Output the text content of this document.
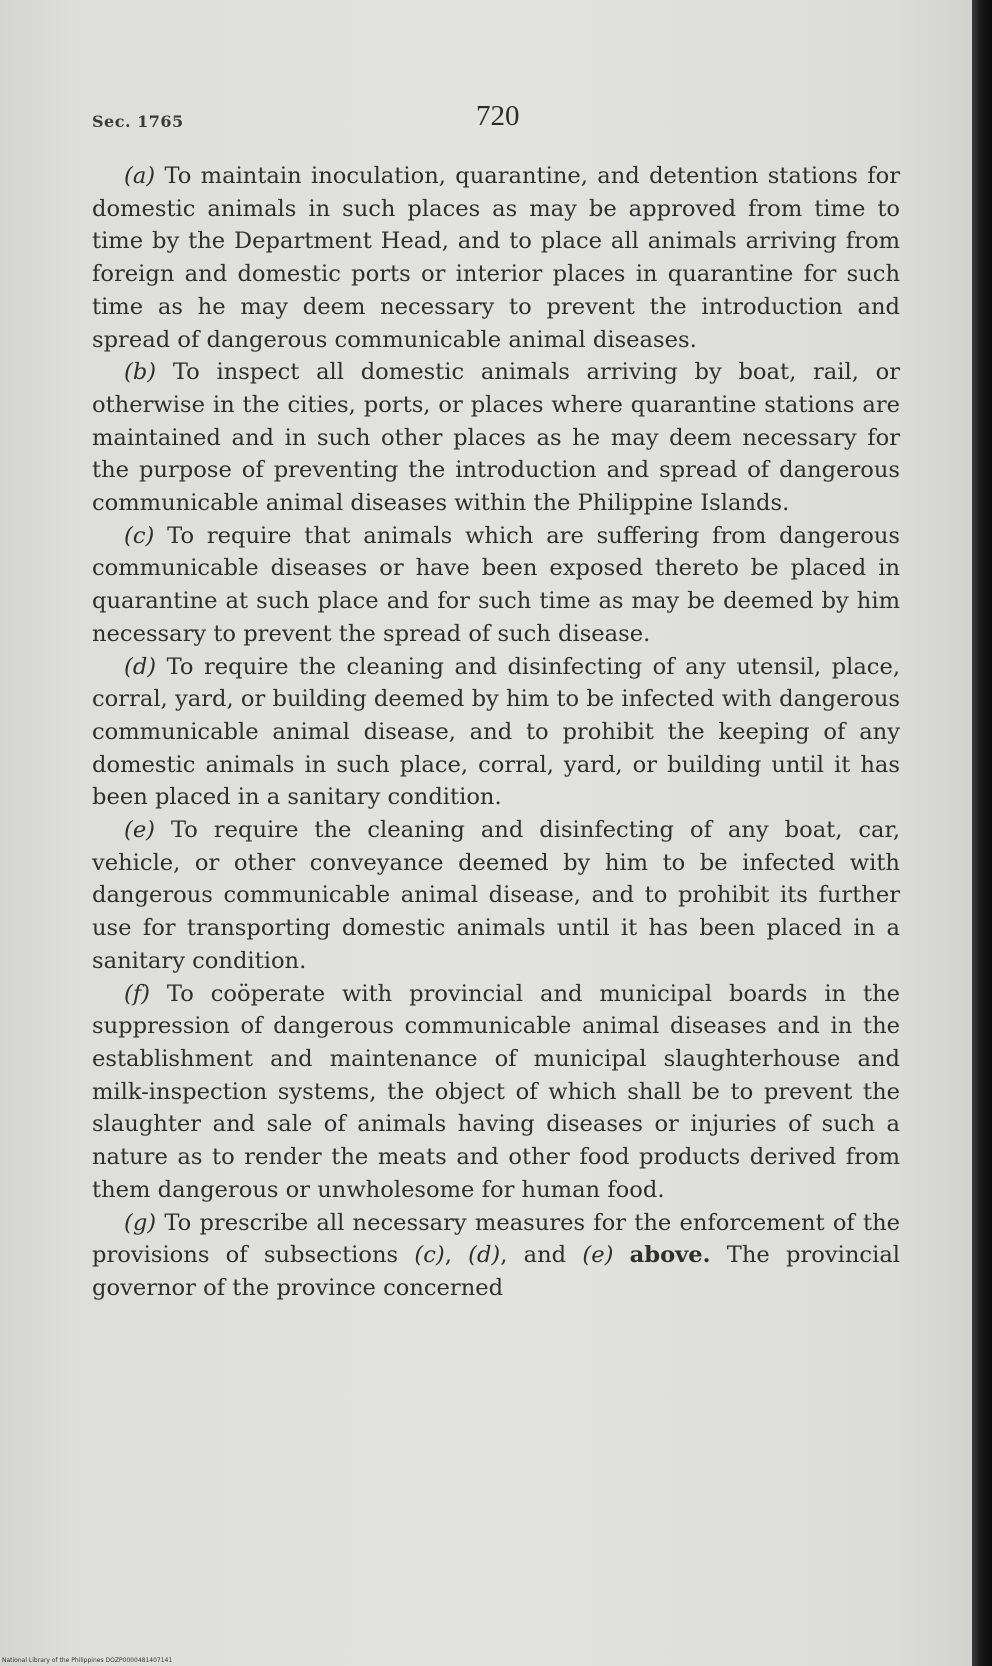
Sec. 1765	720

(a) To maintain inoculation, quarantine, and detention stations for domestic animals in such places as may be approved from time to time by the Department Head, and to place all animals arriving from foreign and domestic ports or interior places in quarantine for such time as he may deem necessary to prevent the introduction and spread of dangerous communicable animal diseases.

(b) To inspect all domestic animals arriving by boat, rail, or otherwise in the cities, ports, or places where quarantine stations are maintained and in such other places as he may deem necessary for the purpose of preventing the introduction and spread of dangerous communicable animal diseases within the Philippine Islands.

(c) To require that animals which are suffering from dangerous communicable diseases or have been exposed thereto be placed in quarantine at such place and for such time as may be deemed by him necessary to prevent the spread of such disease.

(d) To require the cleaning and disinfecting of any utensil, place, corral, yard, or building deemed by him to be infected with dangerous communicable animal disease, and to prohibit the keeping of any domestic animals in such place, corral, yard, or building until it has been placed in a sanitary condition.

(e) To require the cleaning and disinfecting of any boat, car, vehicle, or other conveyance deemed by him to be infected with dangerous communicable animal disease, and to prohibit its further use for transporting domestic animals until it has been placed in a sanitary condition.

(f) To coöperate with provincial and municipal boards in the suppression of dangerous communicable animal diseases and in the establishment and maintenance of municipal slaughterhouse and milk-inspection systems, the object of which shall be to prevent the slaughter and sale of animals having diseases or injuries of such a nature as to render the meats and other food products derived from them dangerous or unwholesome for human food.

(g) To prescribe all necessary measures for the enforcement of the provisions of subsections (c), (d), and (e) above. The provincial governor of the province concerned

National Library of the Philippines DOZP0000481407141
